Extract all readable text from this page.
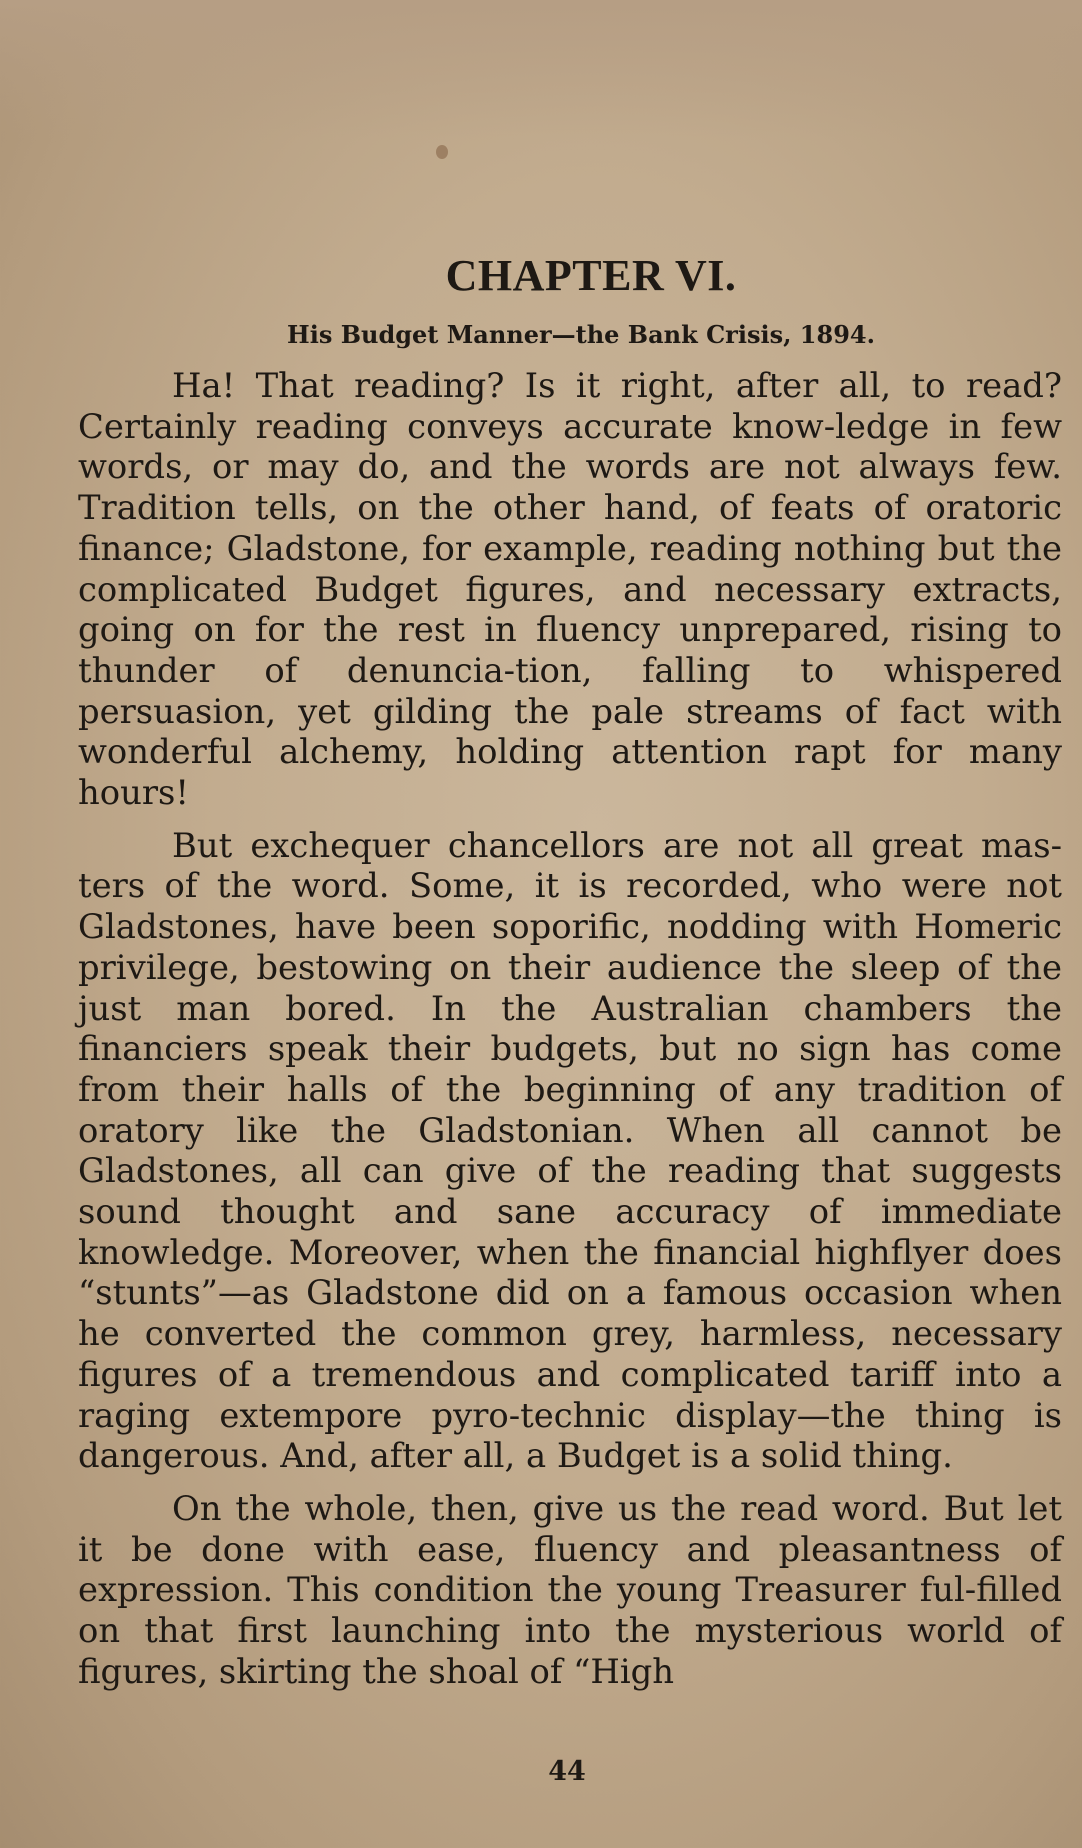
CHAPTER VI.
His Budget Manner—the Bank Crisis, 1894.

Ha! That reading? Is it right, after all, to read? Certainly reading conveys accurate know-ledge in few words, or may do, and the words are not always few. Tradition tells, on the other hand, of feats of oratoric finance; Gladstone, for example, reading nothing but the complicated Budget figures, and necessary extracts, going on for the rest in fluency unprepared, rising to thunder of denuncia-tion, falling to whispered persuasion, yet gilding the pale streams of fact with wonderful alchemy, holding attention rapt for many hours!

But exchequer chancellors are not all great mas-ters of the word. Some, it is recorded, who were not Gladstones, have been soporific, nodding with Homeric privilege, bestowing on their audience the sleep of the just man bored. In the Australian chambers the financiers speak their budgets, but no sign has come from their halls of the beginning of any tradition of oratory like the Gladstonian. When all cannot be Gladstones, all can give of the reading that suggests sound thought and sane accuracy of immediate knowledge. Moreover, when the financial highflyer does “stunts”—as Gladstone did on a famous occasion when he converted the common grey, harmless, necessary figures of a tremendous and complicated tariff into a raging extempore pyro-technic display—the thing is dangerous. And, after all, a Budget is a solid thing.

On the whole, then, give us the read word. But let it be done with ease, fluency and pleasantness of expression. This condition the young Treasurer ful-filled on that first launching into the mysterious world of figures, skirting the shoal of “High

44
